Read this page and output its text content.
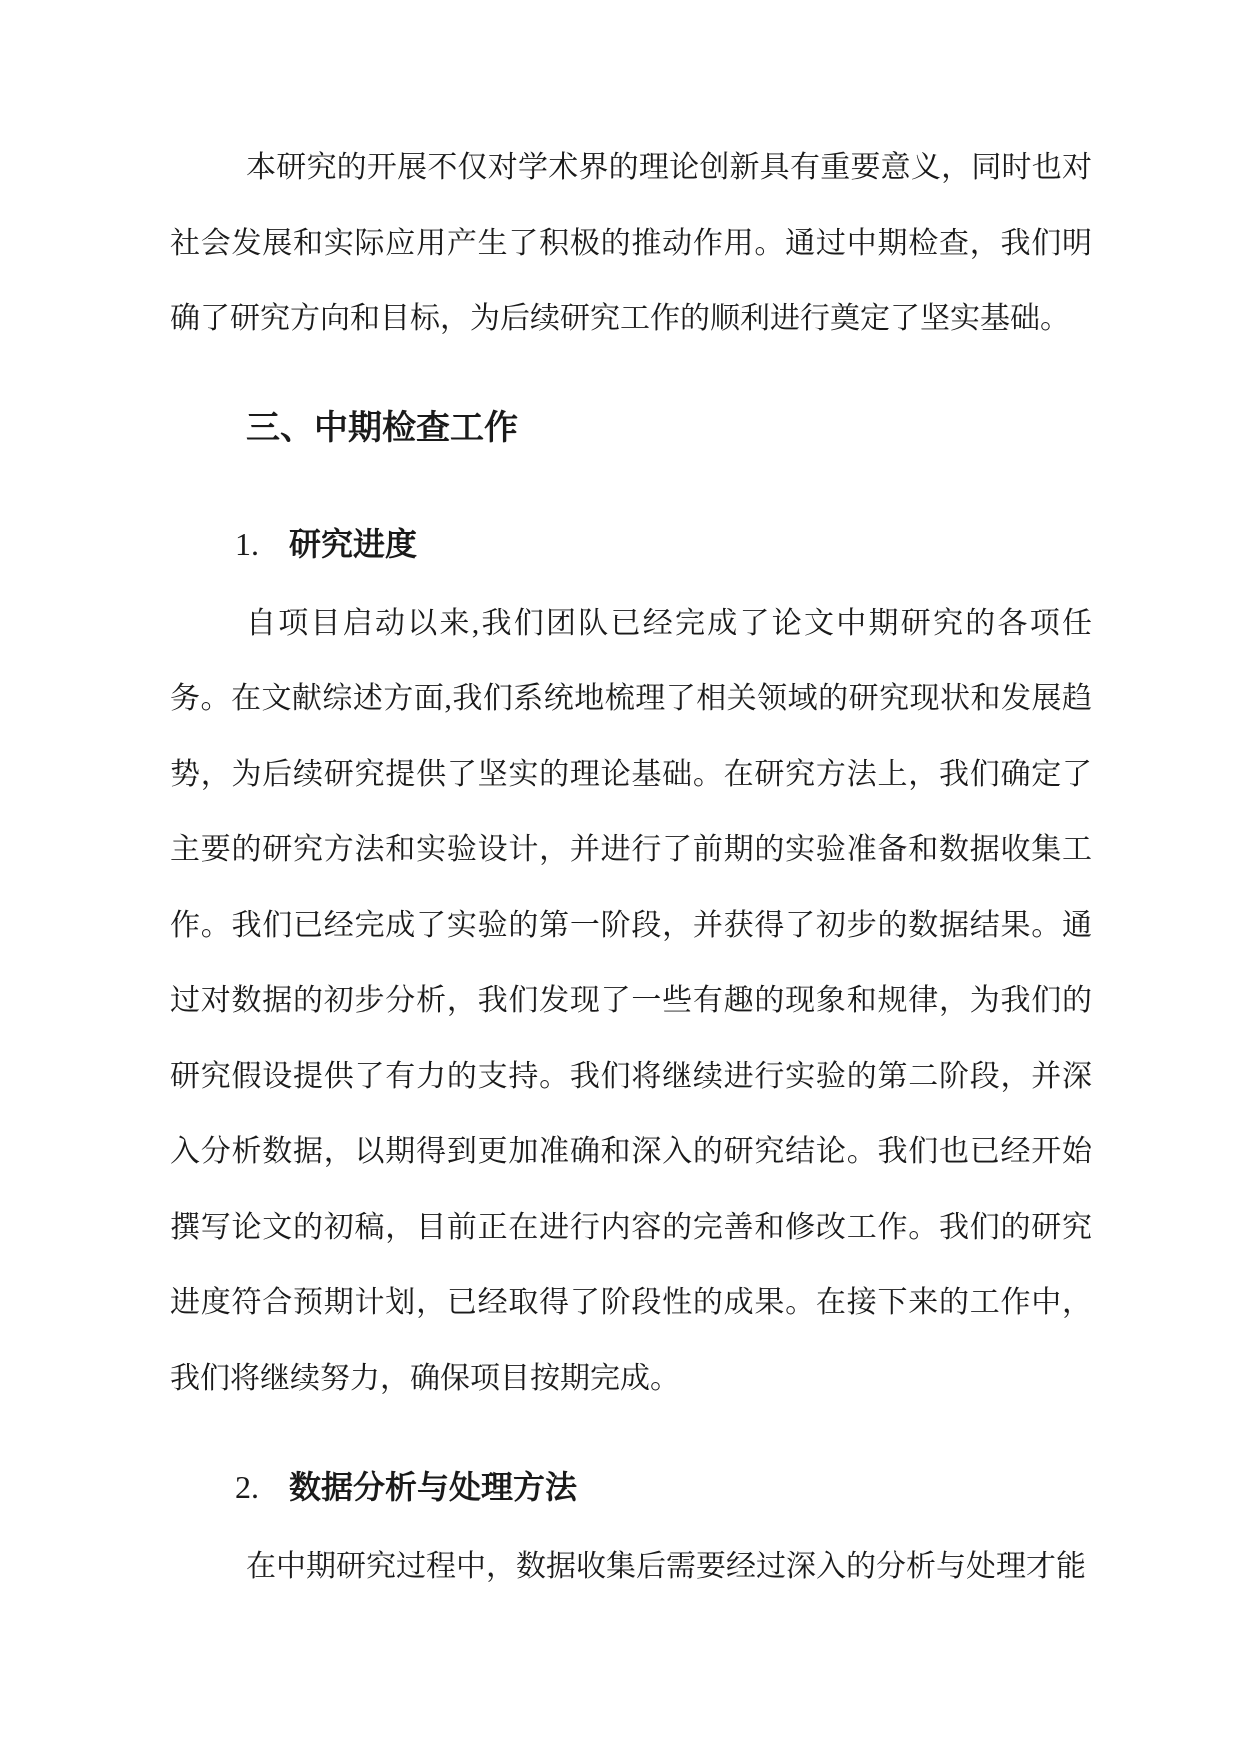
本研究的开展不仅对学术界的理论创新具有重要意义，同时也对社会发展和实际应用产生了积极的推动作用。通过中期检查，我们明确了研究方向和目标，为后续研究工作的顺利进行奠定了坚实基础。

三、中期检查工作
1. 研究进度

自项目启动以来,我们团队已经完成了论文中期研究的各项任务。在文献综述方面,我们系统地梳理了相关领域的研究现状和发展趋势，为后续研究提供了坚实的理论基础。在研究方法上，我们确定了主要的研究方法和实验设计，并进行了前期的实验准备和数据收集工作。我们已经完成了实验的第一阶段，并获得了初步的数据结果。通过对数据的初步分析，我们发现了一些有趣的现象和规律，为我们的研究假设提供了有力的支持。我们将继续进行实验的第二阶段，并深入分析数据，以期得到更加准确和深入的研究结论。我们也已经开始撰写论文的初稿，目前正在进行内容的完善和修改工作。我们的研究进度符合预期计划，已经取得了阶段性的成果。在接下来的工作中，我们将继续努力，确保项目按期完成。

2. 数据分析与处理方法

在中期研究过程中，数据收集后需要经过深入的分析与处理才能
